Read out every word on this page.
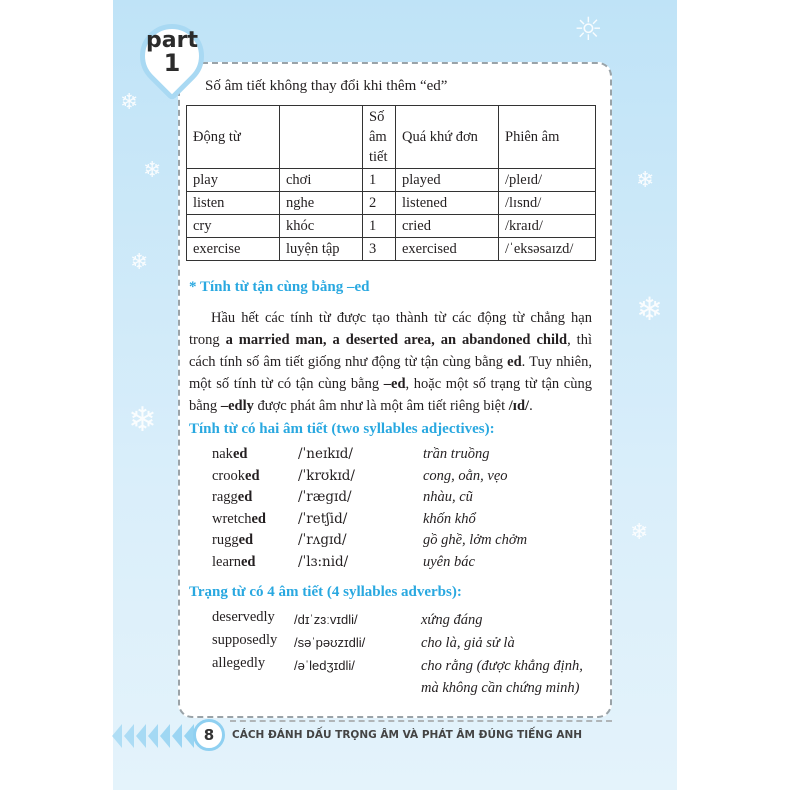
❄
❄
❄
❄
❄
❄
❄
☼
part
1
Số âm tiết không thay đổi khi thêm “ed”
Động từ		Số âm tiết	Quá khứ đơn	Phiên âm
play	chơi	1	played	/pleɪd/
listen	nghe	2	listened	/lɪsnd/
cry	khóc	1	cried	/kraɪd/
exercise	luyện tập	3	exercised	/ˈeksəsaɪzd/
* Tính từ tận cùng bằng –ed
Hầu hết các tính từ được tạo thành từ các động từ chẳng hạn trong a married man, a deserted area, an abandoned child, thì cách tính số âm tiết giống như động từ tận cùng bằng ed. Tuy nhiên, một số tính từ có tận cùng bằng –ed, hoặc một số trạng từ tận cùng bằng –edly được phát âm như là một âm tiết riêng biệt /ɪd/.
Tính từ có hai âm tiết (two syllables adjectives):
naked	/ˈneɪkɪd/	trần truồng
crooked	/ˈkrʊkɪd/	cong, oằn, vẹo
ragged	/ˈrægɪd/	nhàu, cũ
wretched /ˈretʃid/	khốn khổ
rugged	/ˈrʌgɪd/	gồ ghề, lởm chởm
learned	/ˈlɜ:nid/	uyên bác
Trạng từ có 4 âm tiết (4 syllables adverbs):
deservedly /dɪˈzɜːvɪdli/	xứng đáng
supposedly /səˈpəʊzɪdli/	cho là, giả sử là
allegedly /əˈledʒɪdli/	cho rằng (được khẳng định, mà không cần chứng minh)
8	CÁCH ĐÁNH DẤU TRỌNG ÂM VÀ PHÁT ÂM ĐÚNG TIẾNG ANH
